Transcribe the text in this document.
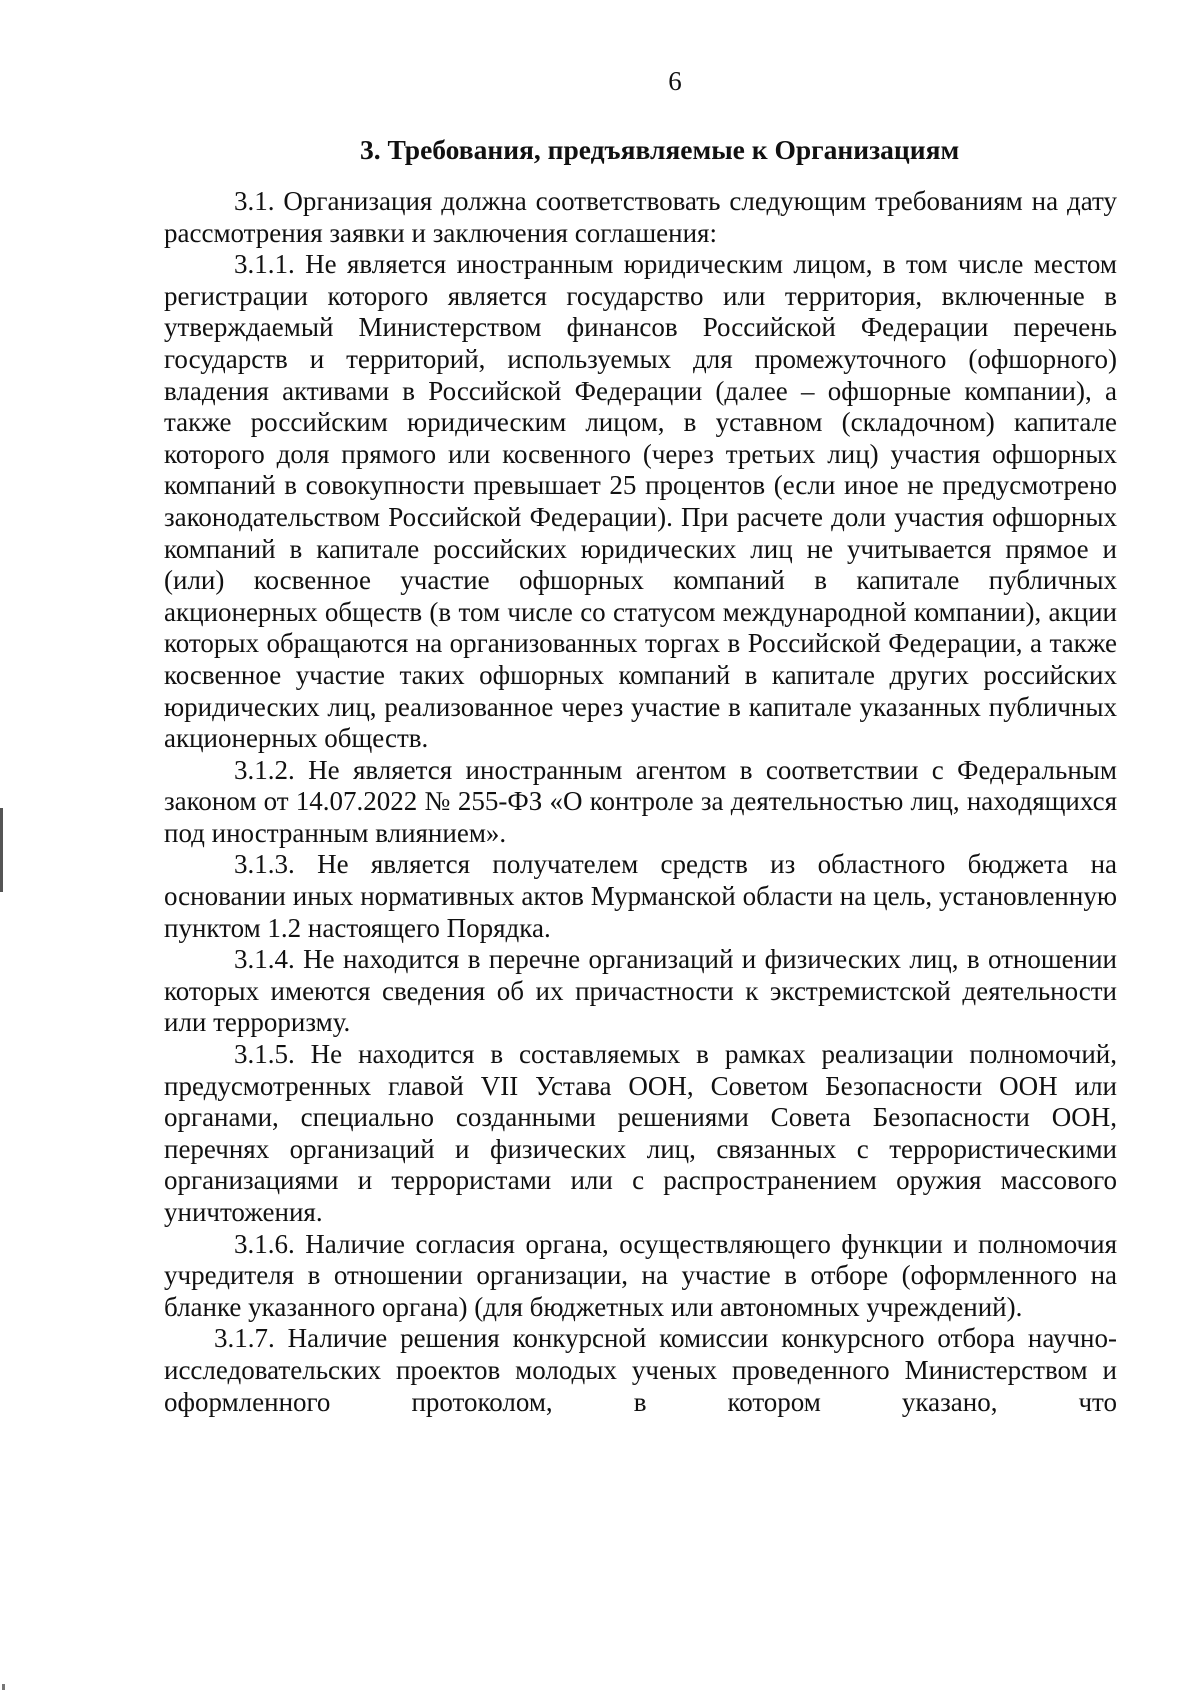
6
3. Требования, предъявляемые к Организациям

3.1. Организация должна соответствовать следующим требованиям на дату рассмотрения заявки и заключения соглашения:

3.1.1. Не является иностранным юридическим лицом, в том числе местом регистрации которого является государство или территория, включенные в утверждаемый Министерством финансов Российской Федерации перечень государств и территорий, используемых для промежуточного (офшорного) владения активами в Российской Федерации (далее – офшорные компании), а также российским юридическим лицом, в уставном (складочном) капитале которого доля прямого или косвенного (через третьих лиц) участия офшорных компаний в совокупности превышает 25 процентов (если иное не предусмотрено законодательством Российской Федерации). При расчете доли участия офшорных компаний в капитале российских юридических лиц не учитывается прямое и (или) косвенное участие офшорных компаний в капитале публичных акционерных обществ (в том числе со статусом международной компании), акции которых обращаются на организованных торгах в Российской Федерации, а также косвенное участие таких офшорных компаний в капитале других российских юридических лиц, реализованное через участие в капитале указанных публичных акционерных обществ.

3.1.2. Не является иностранным агентом в соответствии с Федеральным законом от 14.07.2022 № 255-ФЗ «О контроле за деятельностью лиц, находящихся под иностранным влиянием».

3.1.3. Не является получателем средств из областного бюджета на основании иных нормативных актов Мурманской области на цель, установленную пунктом 1.2 настоящего Порядка.

3.1.4. Не находится в перечне организаций и физических лиц, в отношении которых имеются сведения об их причастности к экстремистской деятельности или терроризму.

3.1.5. Не находится в составляемых в рамках реализации полномочий, предусмотренных главой VII Устава ООН, Советом Безопасности ООН или органами, специально созданными решениями Совета Безопасности ООН, перечнях организаций и физических лиц, связанных с террористическими организациями и террористами или с распространением оружия массового уничтожения.

3.1.6. Наличие согласия органа, осуществляющего функции и полномочия учредителя в отношении организации, на участие в отборе (оформленного на бланке указанного органа) (для бюджетных или автономных учреждений).

3.1.7. Наличие решения конкурсной комиссии конкурсного отбора научно-исследовательских проектов молодых ученых проведенного Министерством и оформленного протоколом, в котором указано, что
